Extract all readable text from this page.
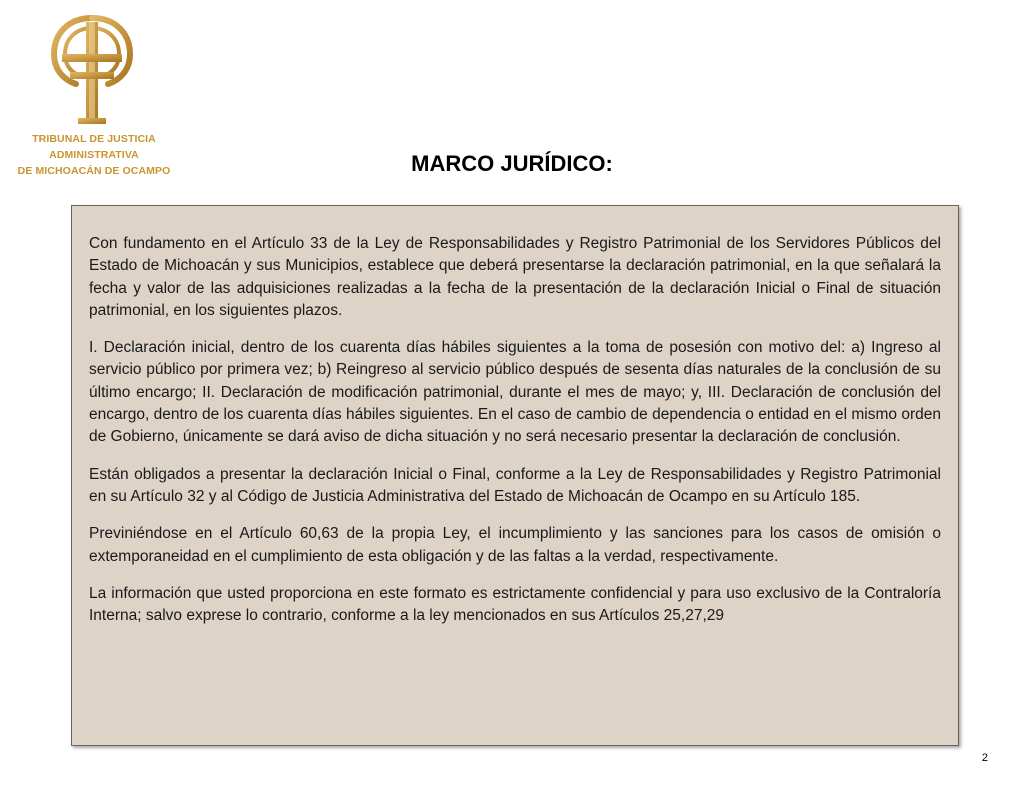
TRIBUNAL DE JUSTICIA
ADMINISTRATIVA
DE MICHOACÁN DE OCAMPO	MARCO JURÍDICO:

Con fundamento en el Artículo 33 de la Ley de Responsabilidades y Registro Patrimonial de los Servidores Públicos del Estado de Michoacán y sus Municipios, establece que deberá presentarse la declaración patrimonial, en la que señalará la fecha y valor de las adquisiciones realizadas a la fecha de la presentación de la declaración Inicial o Final de situación patrimonial, en los siguientes plazos.

I. Declaración inicial, dentro de los cuarenta días hábiles siguientes a la toma de posesión con motivo del: a) Ingreso al servicio público por primera vez; b) Reingreso al servicio público después de sesenta días naturales de la conclusión de su último encargo; II. Declaración de modificación patrimonial, durante el mes de mayo; y, III. Declaración de conclusión del encargo, dentro de los cuarenta días hábiles siguientes. En el caso de cambio de dependencia o entidad en el mismo orden de Gobierno, únicamente se dará aviso de dicha situación y no será necesario presentar la declaración de conclusión.

Están obligados a presentar la declaración Inicial o Final, conforme a la Ley de Responsabilidades y Registro Patrimonial en su Artículo 32 y al Código de Justicia Administrativa del Estado de Michoacán de Ocampo en su Artículo 185.

Previniéndose en el Artículo 60,63 de la propia Ley, el incumplimiento y las sanciones para los casos de omisión o extemporaneidad en el cumplimiento de esta obligación y de las faltas a la verdad, respectivamente.

La información que usted proporciona en este formato es estrictamente confidencial y para uso exclusivo de la Contraloría Interna; salvo exprese lo contrario, conforme a la ley mencionados en sus Artículos 25,27,29

2
